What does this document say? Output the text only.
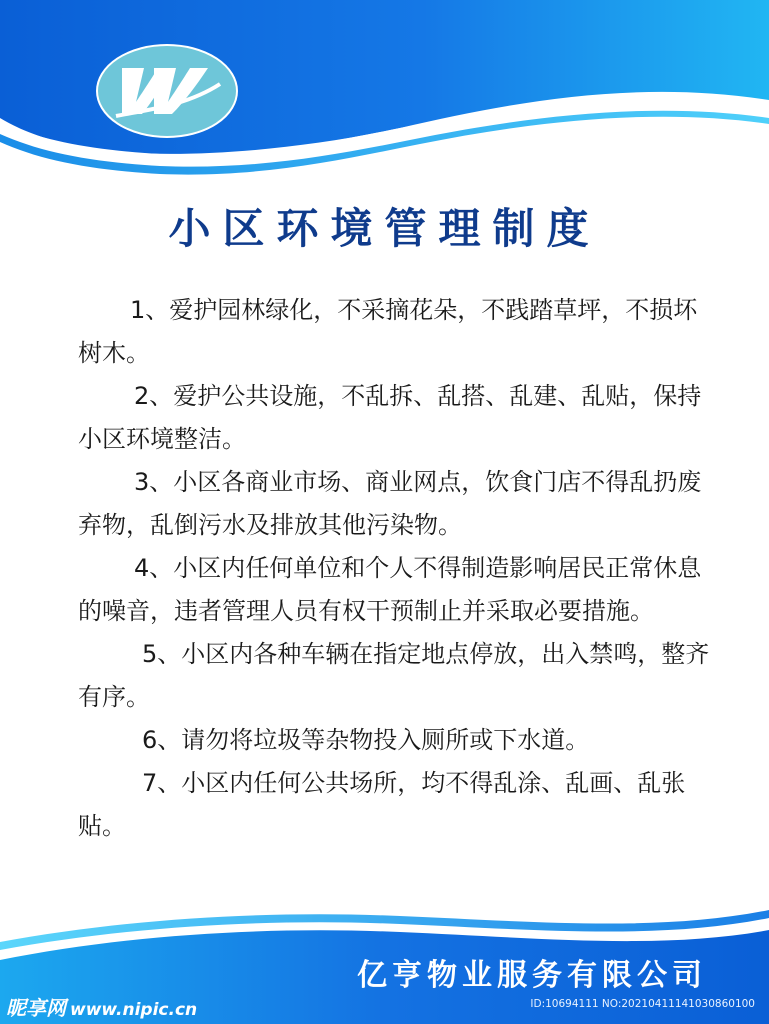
小区环境管理制度

1、爱护园林绿化，不采摘花朵，不践踏草坪，不损坏树木。

2、爱护公共设施，不乱拆、乱搭、乱建、乱贴，保持小区环境整洁。

3、小区各商业市场、商业网点，饮食门店不得乱扔废弃物，乱倒污水及排放其他污染物。

4、小区内任何单位和个人不得制造影响居民正常休息的噪音，违者管理人员有权干预制止并采取必要措施。

5、小区内各种车辆在指定地点停放，出入禁鸣，整齐有序。

6、请勿将垃圾等杂物投入厕所或下水道。

7、小区内任何公共场所，均不得乱涂、乱画、乱张贴。

亿亨物业服务有限公司
昵享网 www.nipic.cn	ID:10694111 NO:20210411141030860100
